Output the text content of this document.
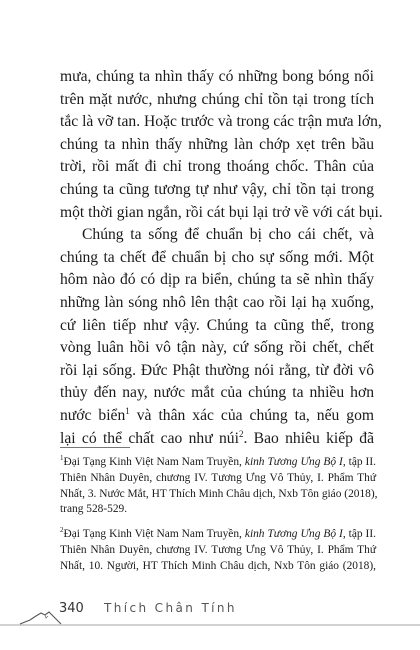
mưa, chúng ta nhìn thấy có những bong bóng nổi
trên mặt nước, nhưng chúng chỉ tồn tại trong tích
tắc là vỡ tan. Hoặc trước và trong các trận mưa lớn,
chúng ta nhìn thấy những làn chớp xẹt trên bầu
trời, rồi mất đi chỉ trong thoáng chốc. Thân của
chúng ta cũng tương tự như vậy, chỉ tồn tại trong
một thời gian ngắn, rồi cát bụi lại trở về với cát bụi.

Chúng ta sống để chuẩn bị cho cái chết, và
chúng ta chết để chuẩn bị cho sự sống mới. Một
hôm nào đó có dịp ra biển, chúng ta sẽ nhìn thấy
những làn sóng nhô lên thật cao rồi lại hạ xuống,
cứ liên tiếp như vậy. Chúng ta cũng thế, trong
vòng luân hồi vô tận này, cứ sống rồi chết, chết
rồi lại sống. Đức Phật thường nói rằng, từ đời vô
thủy đến nay, nước mắt của chúng ta nhiều hơn
nước biển$^1$ và thân xác của chúng ta, nếu gom
lại có thể chất cao như núi$^2$. Bao nhiêu kiếp đã

$^1$Đại Tạng Kinh Việt Nam Nam Truyền, kinh Tương Ưng Bộ I, tập II.
Thiên Nhân Duyên, chương IV. Tương Ưng Vô Thủy, I. Phẩm Thứ
Nhất, 3. Nước Mắt, HT Thích Minh Châu dịch, Nxb Tôn giáo (2018),
trang 528-529.
$^2$Đại Tạng Kinh Việt Nam Nam Truyền, kinh Tương Ưng Bộ I, tập II.
Thiên Nhân Duyên, chương IV. Tương Ưng Vô Thủy, I. Phẩm Thứ
Nhất, 10. Người, HT Thích Minh Châu dịch, Nxb Tôn giáo (2018),
340 Thích Chân Tính
